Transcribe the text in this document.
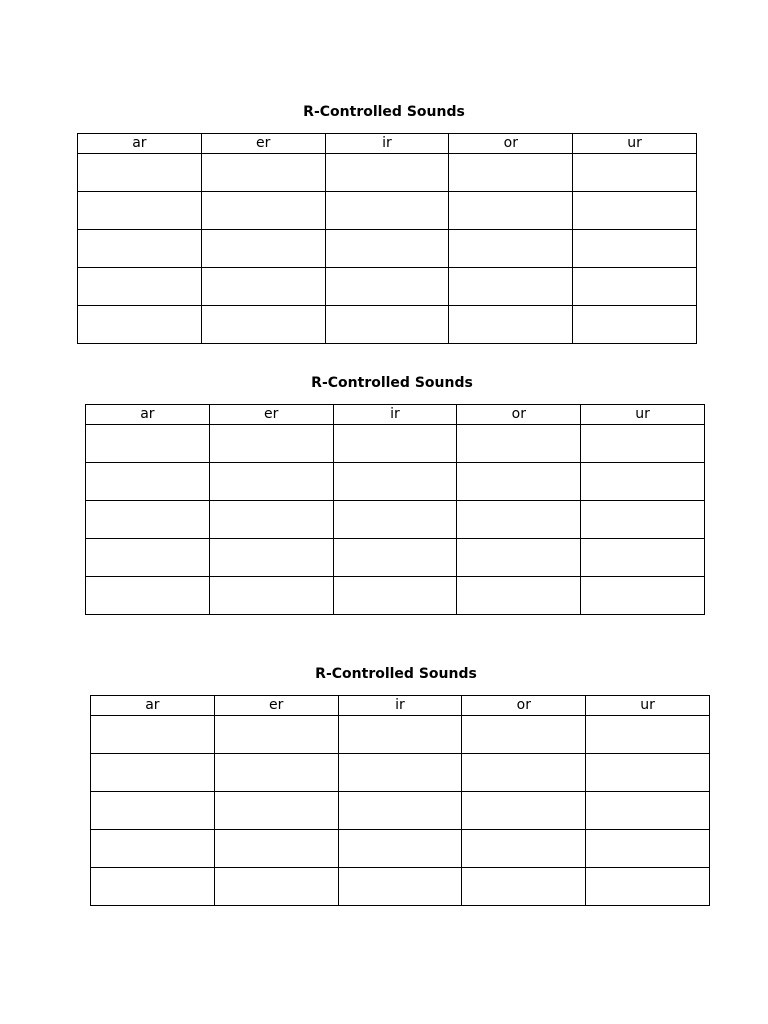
R-Controlled Sounds
ar	er	ir	or	ur

R-Controlled Sounds
ar	er	ir	or	ur

R-Controlled Sounds
ar	er	ir	or	ur
